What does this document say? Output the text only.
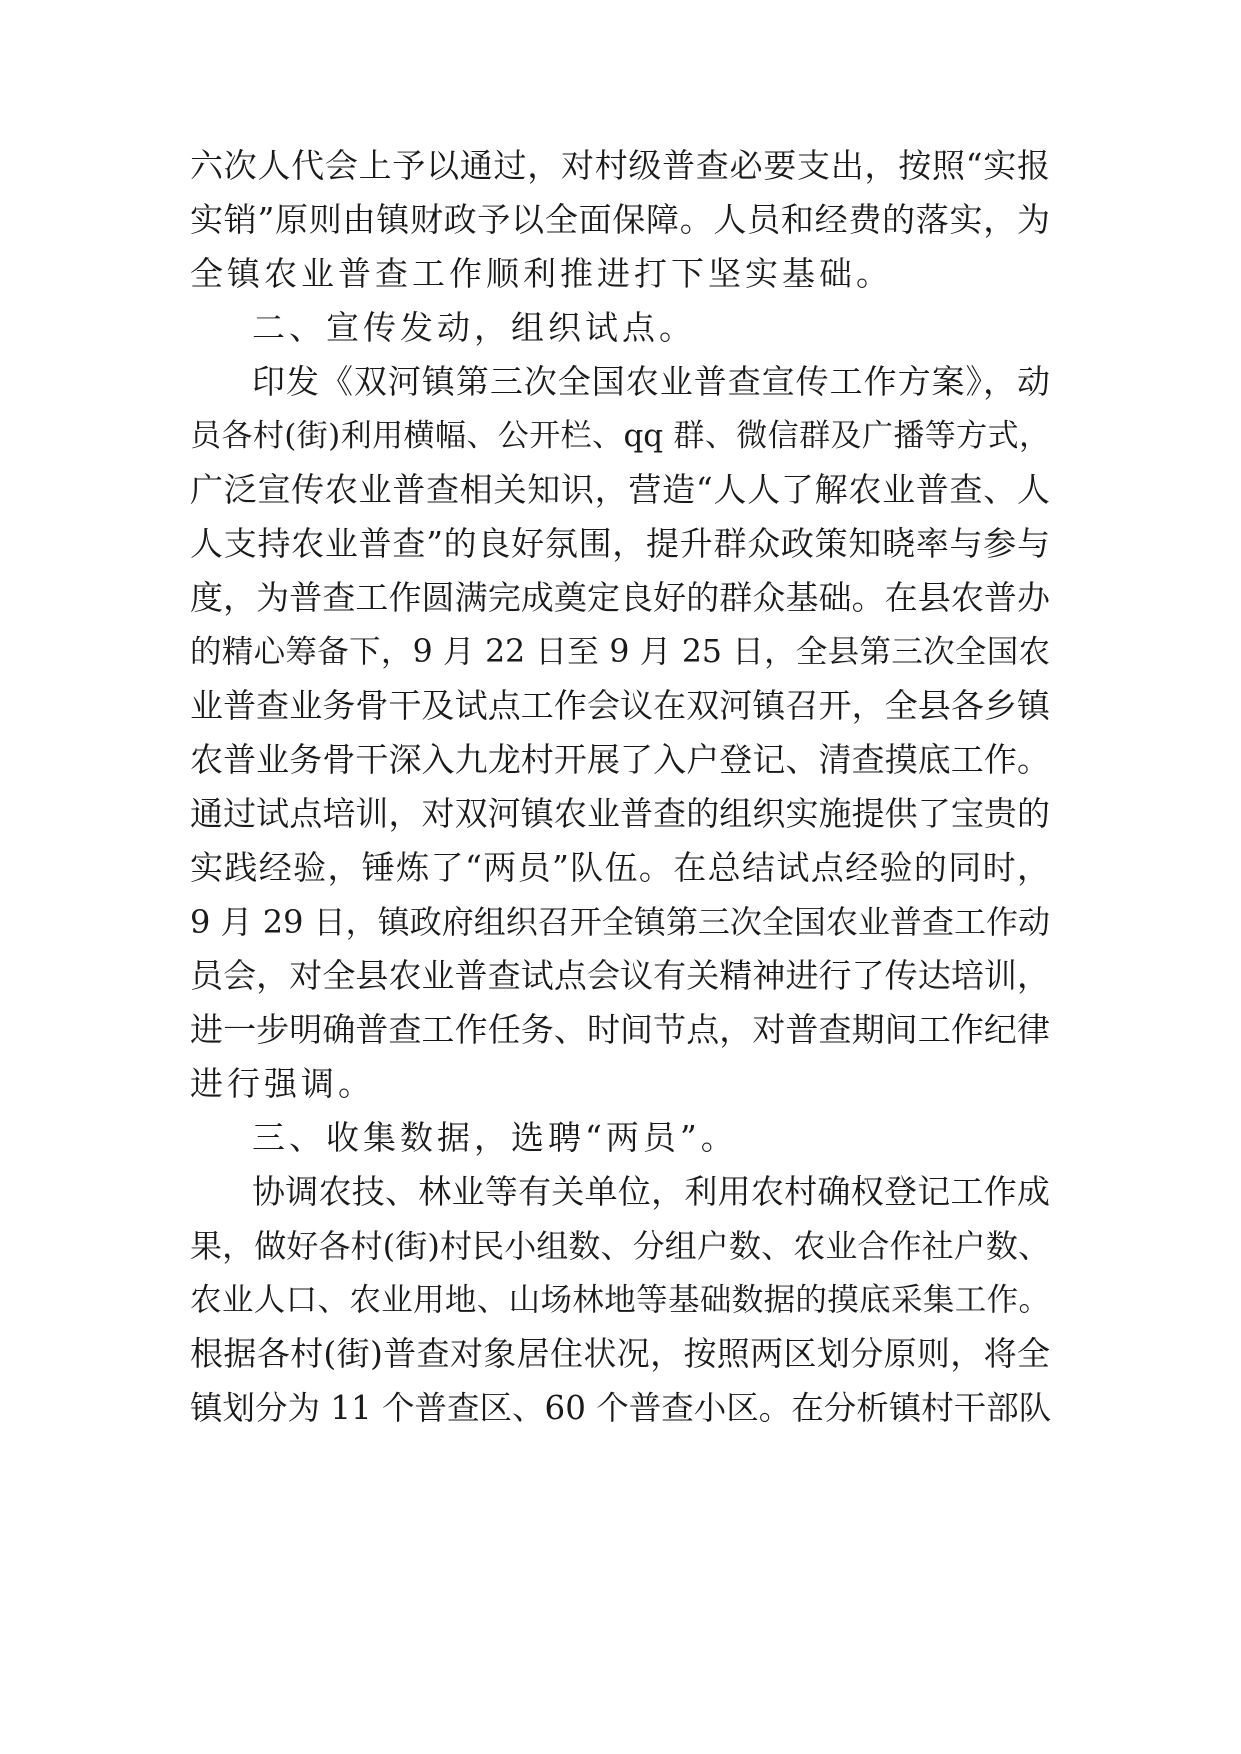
六次人代会上予以通过，对村级普查必要支出，按照“实报
实销”原则由镇财政予以全面保障。人员和经费的落实，为
全镇农业普查工作顺利推进打下坚实基础。
二、宣传发动，组织试点。
印发《双河镇第三次全国农业普查宣传工作方案》，动
员各村(街)利用横幅、公开栏、qq 群、微信群及广播等方式，
广泛宣传农业普查相关知识，营造“人人了解农业普查、人
人支持农业普查”的良好氛围，提升群众政策知晓率与参与
度，为普查工作圆满完成奠定良好的群众基础。在县农普办
的精心筹备下，9 月 22 日至 9 月 25 日，全县第三次全国农
业普查业务骨干及试点工作会议在双河镇召开，全县各乡镇
农普业务骨干深入九龙村开展了入户登记、清查摸底工作。
通过试点培训，对双河镇农业普查的组织实施提供了宝贵的
实践经验，锤炼了“两员”队伍。在总结试点经验的同时，
9 月 29 日，镇政府组织召开全镇第三次全国农业普查工作动
员会，对全县农业普查试点会议有关精神进行了传达培训，
进一步明确普查工作任务、时间节点，对普查期间工作纪律
进行强调。
三、收集数据，选聘“两员”。
协调农技、林业等有关单位，利用农村确权登记工作成
果，做好各村(街)村民小组数、分组户数、农业合作社户数、
农业人口、农业用地、山场林地等基础数据的摸底采集工作。
根据各村(街)普查对象居住状况，按照两区划分原则，将全
镇划分为 11 个普查区、60 个普查小区。在分析镇村干部队
